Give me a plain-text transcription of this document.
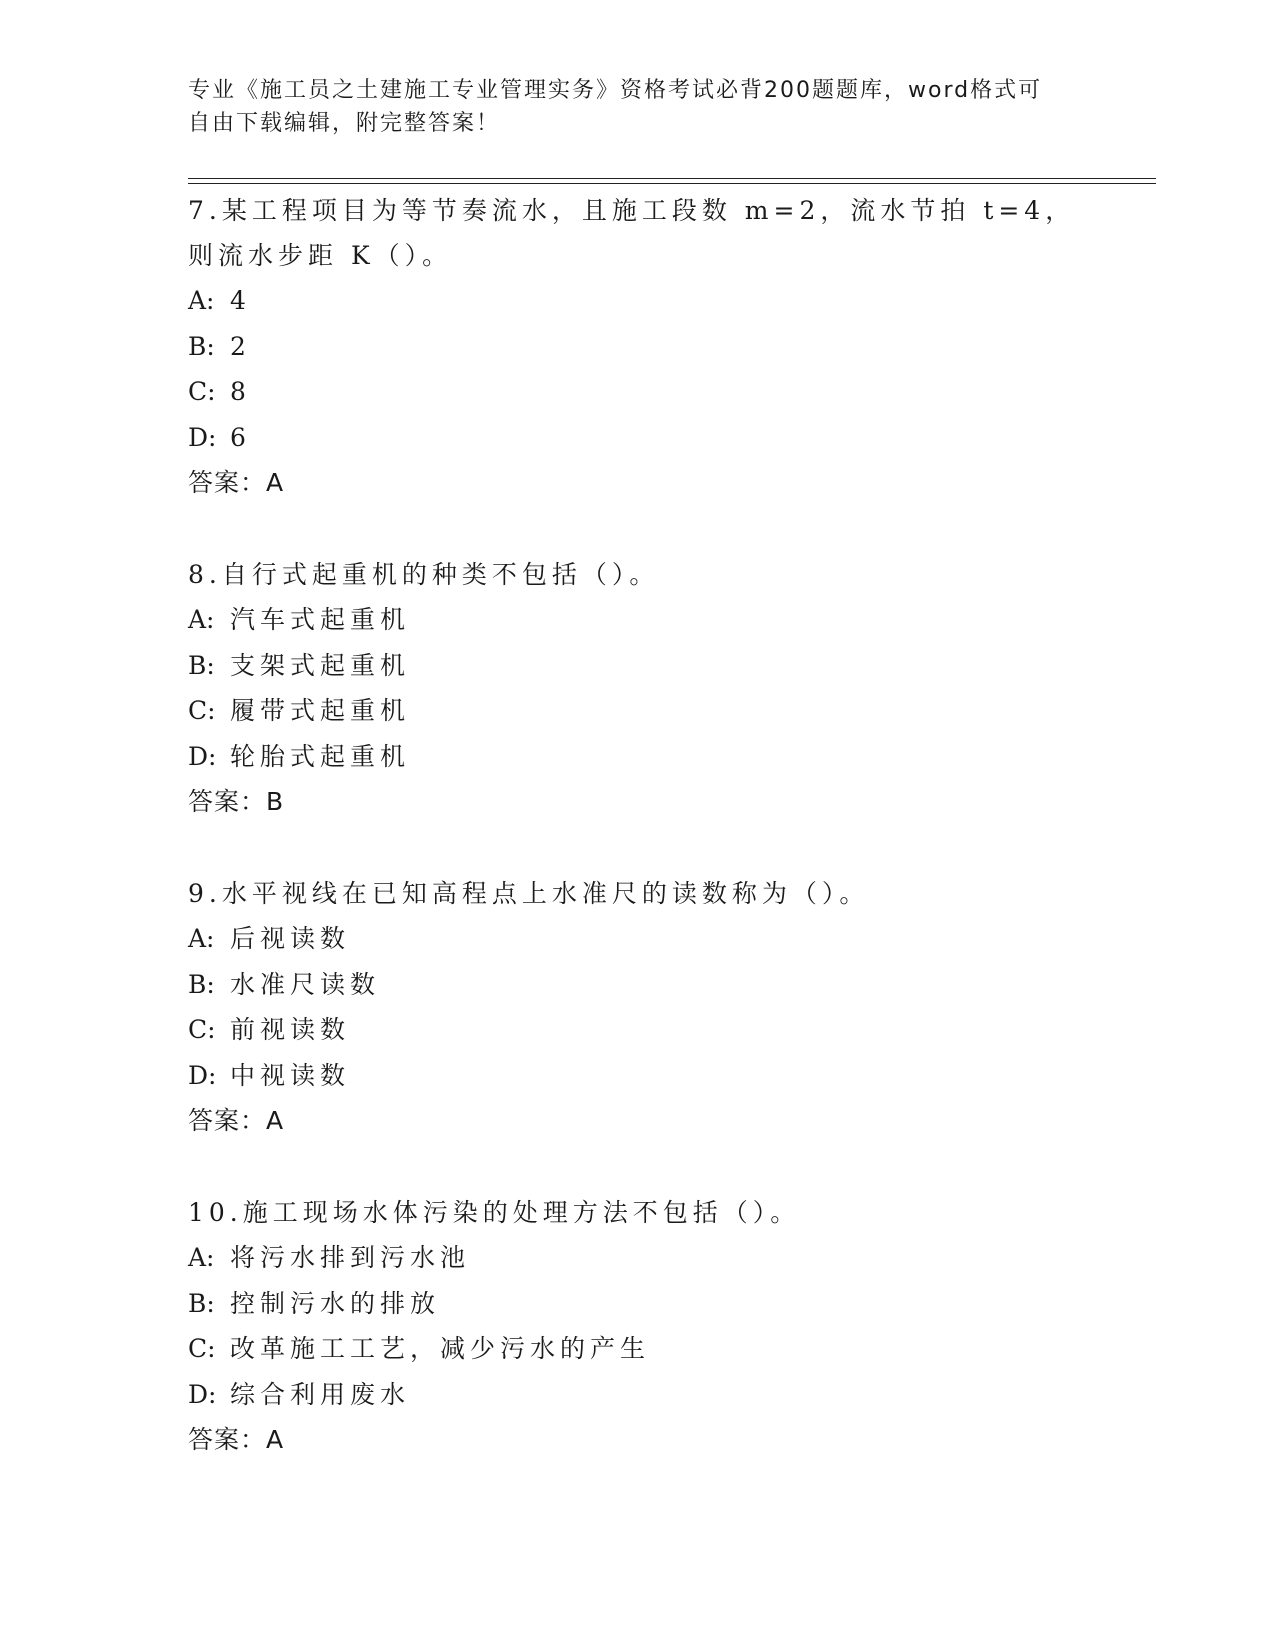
专业《施工员之土建施工专业管理实务》资格考试必背200题题库，word格式可
自由下载编辑，附完整答案！

7.某工程项目为等节奏流水，且施工段数 m=2，流水节拍 t=4，则流水步距 K（）。

A: 4
B: 2
C: 8
D: 6
答案：A

8.自行式起重机的种类不包括（）。

A: 汽车式起重机
B: 支架式起重机
C: 履带式起重机
D: 轮胎式起重机
答案：B

9.水平视线在已知高程点上水准尺的读数称为（）。

A: 后视读数
B: 水准尺读数
C: 前视读数
D: 中视读数
答案：A

10.施工现场水体污染的处理方法不包括（）。

A: 将污水排到污水池
B: 控制污水的排放
C: 改革施工工艺，减少污水的产生
D: 综合利用废水
答案：A
